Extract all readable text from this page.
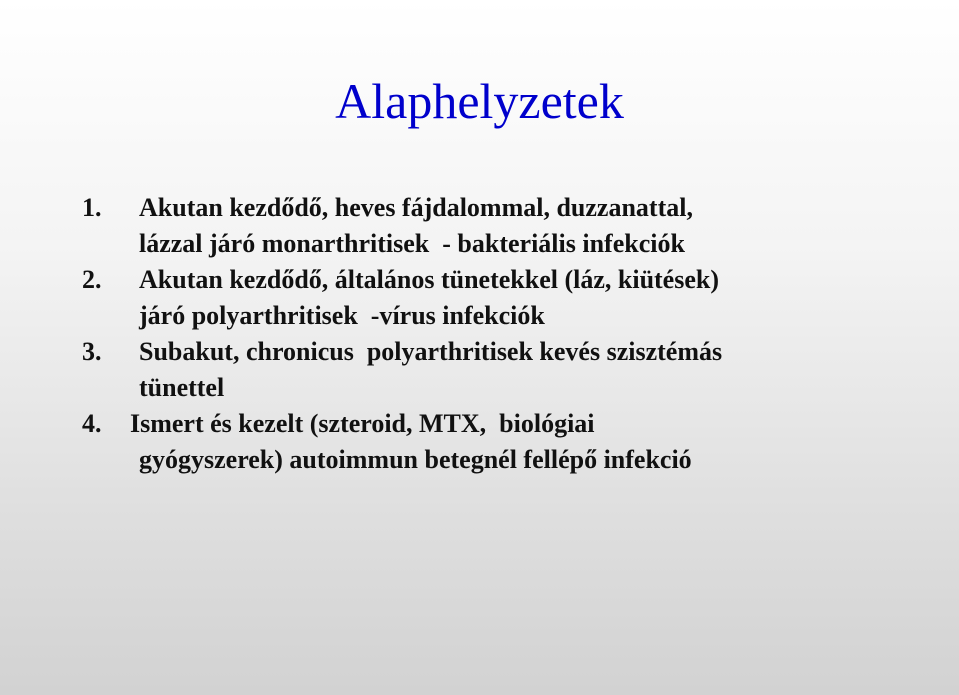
Alaphelyzetek
1.	Akutan kezdődő, heves fájdalommal, duzzanattal,
lázzal járó monarthritisek  - bakteriális infekciók
2.	Akutan kezdődő, általános tünetekkel (láz, kiütések)
járó polyarthritisek  -vírus infekciók
3.	Subakut, chronicus  polyarthritisek kevés szisztémás
tünettel
4.	Ismert és kezelt (szteroid, MTX,  biológiai
gyógyszerek) autoimmun betegnél fellépő infekció
